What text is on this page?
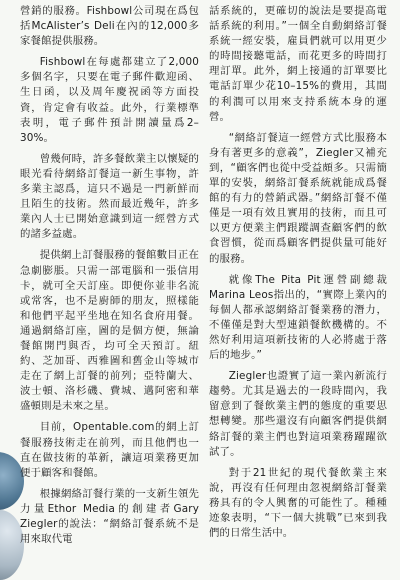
營銷的服務。Fishbowl公司現在爲包括McAlister’s Deli在內的12,000多家餐館提供服務。

Fishbowl在每處都建立了2,000多個名字，只要在電子郵件歡迎函、生日函，以及周年慶祝函等方面投資，肯定會有收益。此外，行業標準表明，電子郵件預計開讀量爲2–30%。

曾幾何時，許多餐飲業主以懷疑的眼光看待網絡訂餐這一新生事物，許多業主認爲，這只不過是一門新鮮而且陌生的技術。然而最近幾年，許多業內人士已開始意識到這一經營方式的諸多益處。

提供網上訂餐服務的餐館數目正在急劇膨脹。只需一部電腦和一張信用卡，就可全天訂座。即便你並非名流或常客，也不是廚師的朋友，照樣能和他們平起平坐地在知名食府用餐。通過網絡訂座，圖的是個方便，無論餐館開門與否，均可全天預訂。紐約、芝加哥、西雅圖和舊金山等城市走在了網上訂餐的前列；亞特蘭大、波士頓、洛杉磯、費城、邁阿密和華盛頓則是未來之星。

目前，Opentable.com的網上訂餐服務技術走在前列，而且他們也一直在做技術的革新，讓這項業務更加便于顧客和餐館。

根據網絡訂餐行業的一支新生領先力量Ethor Media的創建者Gary Ziegler的說法：“網絡訂餐系統不是用來取代電

話系統的，更確切的說法是要提高電話系統的利用。”一個全自動網絡訂餐系統一經安裝，雇員們就可以用更少的時間接聽電話，而花更多的時間打理訂單。此外，網上接通的訂單要比電話訂單少花10–15%的費用，其間的利潤可以用來支持系統本身的運營。

“網絡訂餐這一經營方式比服務本身有著更多的意義”，Ziegler又補充到，“顧客們也從中受益頗多。只需簡單的安裝，網絡訂餐系統就能成爲餐館的有力的營銷武器。”網絡訂餐不僅僅是一項有效且實用的技術，而且可以更方便業主們跟蹤調查顧客們的飲食習慣，從而爲顧客們提供量可能好的服務。

就像The Pita Pit運營副總裁Marina Leos指出的，“實際上業內的每個人都承認網絡訂餐業務的潛力，不僅僅是對大型連鎖餐飲機構的。不然好利用這項新技術的人必將處于落后的地步。”

Ziegler也證實了這一業內新流行趨勢。尤其是過去的一段時間內，我留意到了餐飲業主們的態度的重要思想轉變。那些還沒有向顧客們提供網絡訂餐的業主們也對這項業務躍躍欲試了。

對于21世紀的現代餐飲業主來說，再沒有任何理由忽視網絡訂餐業務具有的令人興奮的可能性了。種種迹象表明，“下一個大挑戰”已來到我們的日常生活中。
